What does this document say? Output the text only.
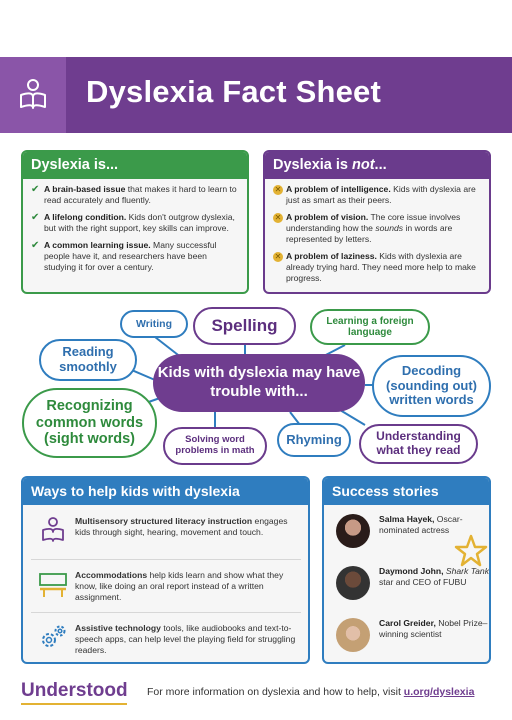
Dyslexia Fact Sheet
Dyslexia is...
✔ A brain-based issue that makes it hard to learn to read accurately and fluently.
✔ A lifelong condition. Kids don't outgrow dyslexia, but with the right support, key skills can improve.
✔ A common learning issue. Many successful people have it, and researchers have been studying it for over a century.
Dyslexia is not...
✕ A problem of intelligence. Kids with dyslexia are just as smart as their peers.
✕ A problem of vision. The core issue involves understanding how the sounds in words are represented by letters.
✕ A problem of laziness. Kids with dyslexia are already trying hard. They need more help to make progress.
Kids with dyslexia may have trouble with...
Writing	Spelling	Learning a foreign language
Reading smoothly	Decoding (sounding out) written words
Recognizing common words (sight words)	Solving word problems in math
Rhyming	Understanding what they read
Ways to help kids with dyslexia
Multisensory structured literacy instruction engages kids through sight, hearing, movement and touch.
Accommodations help kids learn and show what they know, like doing an oral report instead of a written assignment.
Assistive technology tools, like audiobooks and text-to-speech apps, can help level the playing field for struggling readers.
Success stories
Salma Hayek, Oscar-nominated actress
Daymond John, Shark Tank star and CEO of FUBU
Carol Greider, Nobel Prize–winning scientist
Understood For more information on dyslexia and how to help, visit u.org/dyslexia
